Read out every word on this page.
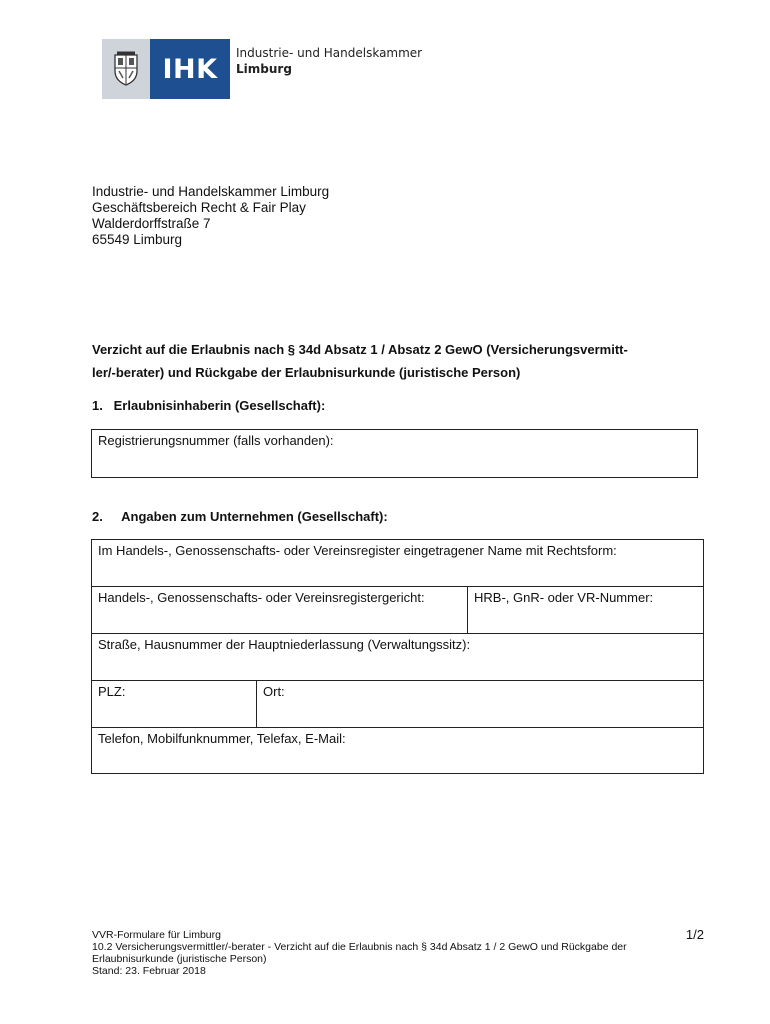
IHK
Industrie- und Handelskammer
Limburg
Industrie- und Handelskammer Limburg
Geschäftsbereich Recht & Fair Play
Walderdorffstraße 7
65549 Limburg
Verzicht auf die Erlaubnis nach § 34d Absatz 1 / Absatz 2 GewO (Versicherungsvermitt-
ler/-berater) und Rückgabe der Erlaubnisurkunde (juristische Person)
1. Erlaubnisinhaberin (Gesellschaft):
Registrierungsnummer (falls vorhanden):
2. Angaben zum Unternehmen (Gesellschaft):
Im Handels-, Genossenschafts- oder Vereinsregister eingetragener Name mit Rechtsform:
Handels-, Genossenschafts- oder Vereinsregistergericht:	HRB-, GnR- oder VR-Nummer:
Straße, Hausnummer der Hauptniederlassung (Verwaltungssitz):
PLZ:	Ort:
Telefon, Mobilfunknummer, Telefax, E-Mail:
VVR-Formulare für Limburg	1/2
10.2 Versicherungsvermittler/-berater - Verzicht auf die Erlaubnis nach § 34d Absatz 1 / 2 GewO und Rückgabe der
Erlaubnisurkunde (juristische Person)
Stand: 23. Februar 2018
